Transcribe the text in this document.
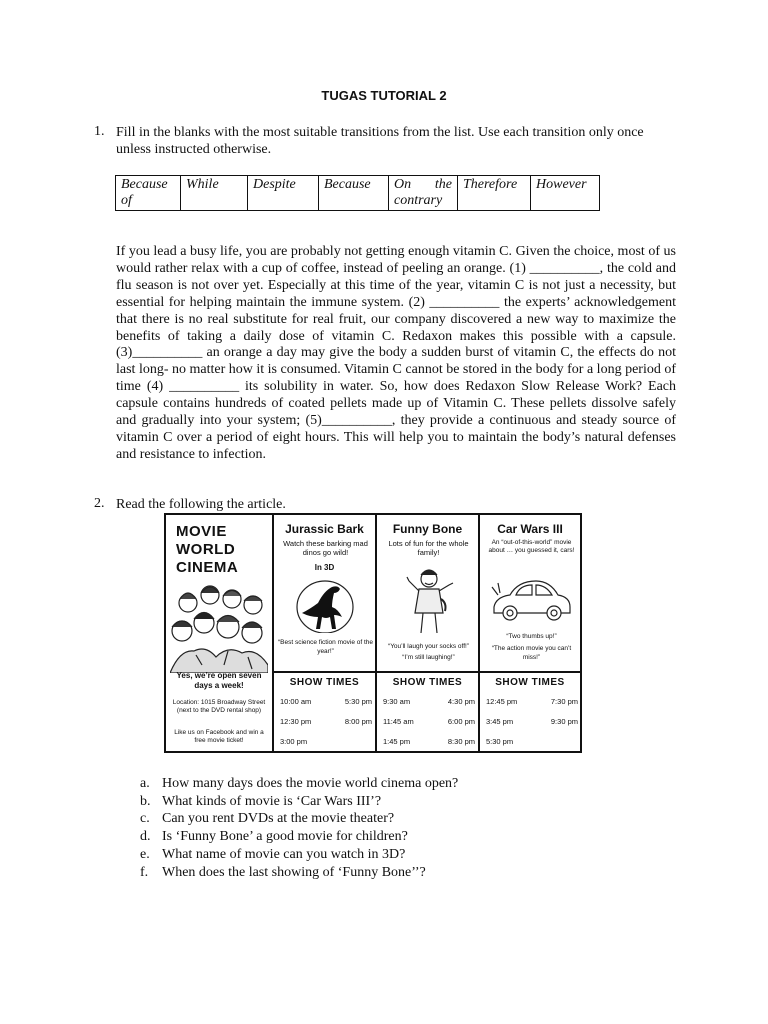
TUGAS TUTORIAL 2
1. Fill in the blanks with the most suitable transitions from the list. Use each transition only once unless instructed otherwise.
Because of	While	Despite	Because	On the contrary	Therefore	However
If you lead a busy life, you are probably not getting enough vitamin C. Given the choice, most of us would rather relax with a cup of coffee, instead of peeling an orange. (1) __________, the cold and flu season is not over yet. Especially at this time of the year, vitamin C is not just a necessity, but essential for helping maintain the immune system. (2) __________ the experts’ acknowledgement that there is no real substitute for real fruit, our company discovered a new way to maximize the benefits of taking a daily dose of vitamin C. Redaxon makes this possible with a capsule. (3)__________ an orange a day may give the body a sudden burst of vitamin C, the effects do not last long- no matter how it is consumed. Vitamin C cannot be stored in the body for a long period of time (4) __________ its solubility in water. So, how does Redaxon Slow Release Work? Each capsule contains hundreds of coated pellets made up of Vitamin C. These pellets dissolve safely and gradually into your system; (5)__________, they provide a continuous and steady source of vitamin C over a period of eight hours. This will help you to maintain the body’s natural defenses and resistance to infection.
2. Read the following the article.
MOVIE
WORLD
CINEMA
Yes, we’re open seven days a week!
Location: 1015 Broadway Street (next to the DVD rental shop)
Like us on Facebook and win a free movie ticket!
Jurassic Bark
Watch these barking mad dinos go wild!
In 3D
“Best science fiction movie of the year!”
SHOW TIMES
10:00 am	5:30 pm
12:30 pm	8:00 pm
3:00 pm
Funny Bone
Lots of fun for the whole family!
“You’ll laugh your socks off!”
“I’m still laughing!”
SHOW TIMES
9:30 am	4:30 pm
11:45 am	6:00 pm
1:45 pm	8:30 pm
Car Wars III
An “out-of-this-world” movie about … you guessed it, cars!
“Two thumbs up!”
“The action movie you can’t miss!”
SHOW TIMES
12:45 pm	7:30 pm
3:45 pm	9:30 pm
5:30 pm
a. How many days does the movie world cinema open?
b. What kinds of movie is ‘Car Wars III’?
c. Can you rent DVDs at the movie theater?
d. Is ‘Funny Bone’ a good movie for children?
e. What name of movie can you watch in 3D?
f. When does the last showing of ‘Funny Bone’’?
